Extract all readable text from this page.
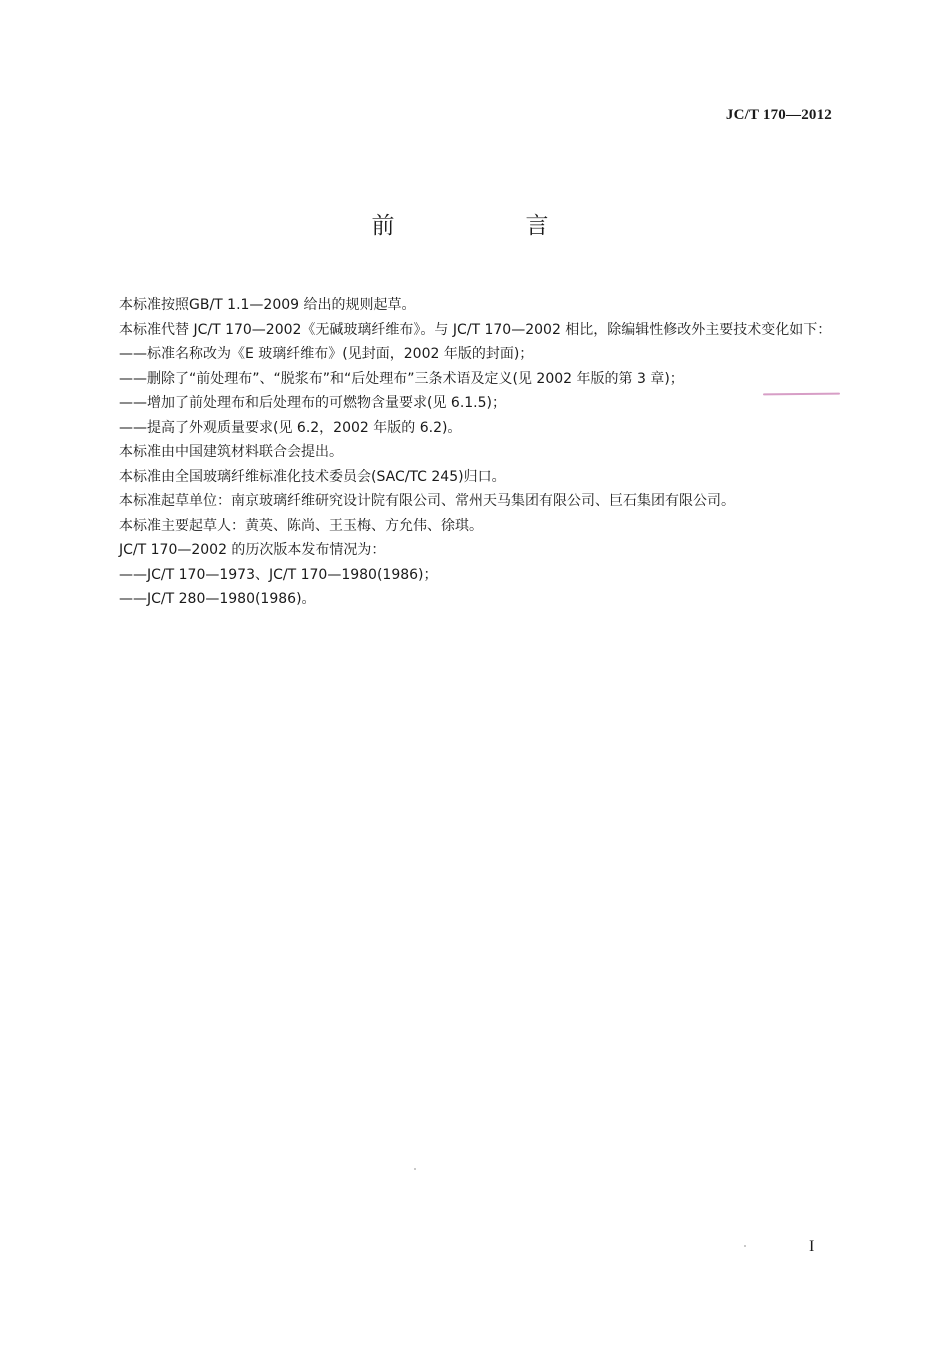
JC/T 170—2012
前　言

本标准按照GB/T 1.1—2009 给出的规则起草。

本标准代替 JC/T 170—2002《无碱玻璃纤维布》。与 JC/T 170—2002 相比，除编辑性修改外主要技术变化如下：

——标准名称改为《E 玻璃纤维布》(见封面，2002 年版的封面)；

——删除了“前处理布”、“脱浆布”和“后处理布”三条术语及定义(见 2002 年版的第 3 章)；

——增加了前处理布和后处理布的可燃物含量要求(见 6.1.5)；

——提高了外观质量要求(见 6.2，2002 年版的 6.2)。

本标准由中国建筑材料联合会提出。

本标准由全国玻璃纤维标准化技术委员会(SAC/TC 245)归口。

本标准起草单位：南京玻璃纤维研究设计院有限公司、常州天马集团有限公司、巨石集团有限公司。

本标准主要起草人：黄英、陈尚、王玉梅、方允伟、徐琪。

JC/T 170—2002 的历次版本发布情况为：

——JC/T 170—1973、JC/T 170—1980(1986)；

——JC/T 280—1980(1986)。

I
